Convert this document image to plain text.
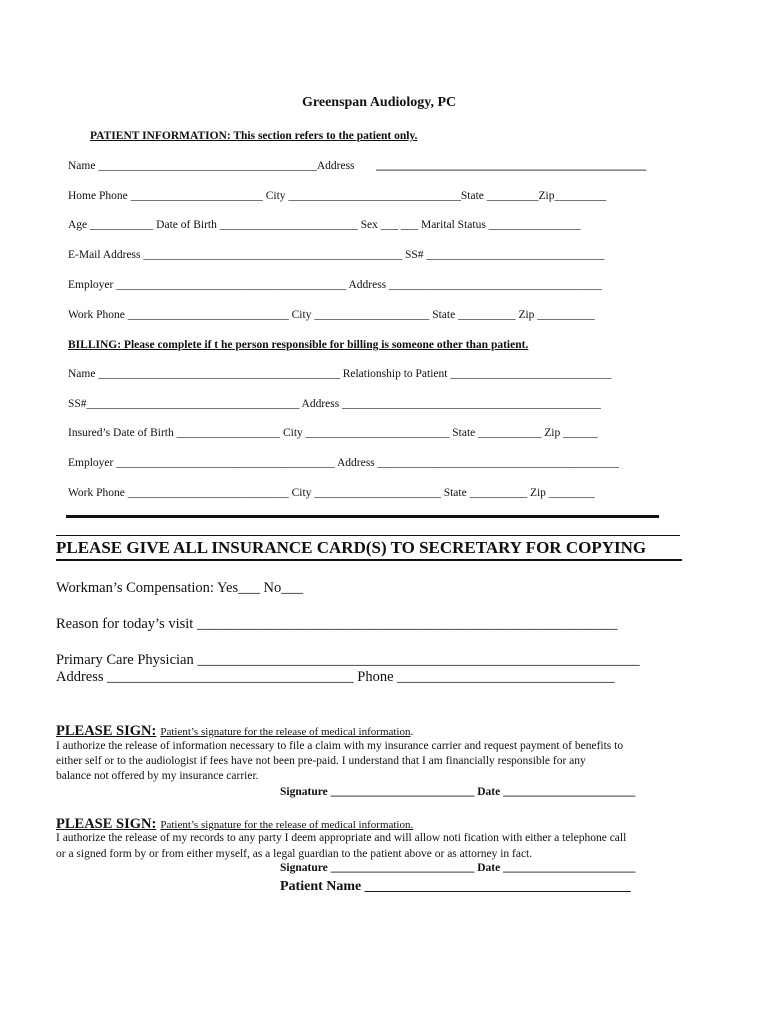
Greenspan Audiology, PC
PATIENT INFORMATION: This section refers to the patient only.
Name ______________________________________Address _______________________________________________
Home Phone _______________________ City ______________________________State _________Zip_________
Age ___________ Date of Birth ________________________ Sex ___ ___ Marital Status ________________
E-Mail Address _____________________________________________ SS# _______________________________
Employer ________________________________________ Address _____________________________________
Work Phone ____________________________ City ____________________ State __________ Zip __________
BILLING: Please complete if t he person responsible for billing is someone other than patient.
Name __________________________________________ Relationship to Patient ____________________________
SS#_____________________________________ Address _____________________________________________
Insured’s Date of Birth __________________ City _________________________ State ___________ Zip ______
Employer ______________________________________ Address __________________________________________
Work Phone ____________________________ City ______________________ State __________ Zip ________
PLEASE GIVE ALL INSURANCE CARD(S) TO SECRETARY FOR COPYING
Workman’s Compensation: Yes___ No___
Reason for today’s visit __________________________________________________________
Primary Care Physician _____________________________________________________________
Address __________________________________ Phone ______________________________
PLEASE SIGN: Patient’s signature for the release of medical information.
I authorize the release of information necessary to file a claim with my insurance carrier and request payment of benefits to
either self or to the audiologist if fees have not been pre-paid. I understand that I am financially responsible for any
balance not offered by my insurance carrier.
Signature _________________________ Date _______________________
PLEASE SIGN: Patient’s signature for the release of medical information.
I authorize the release of my records to any party I deem appropriate and will allow noti fication with either a telephone call
or a signed form by or from either myself, as a legal guardian to the patient above or as attorney in fact.
Signature _________________________ Date _______________________
Patient Name ______________________________________
